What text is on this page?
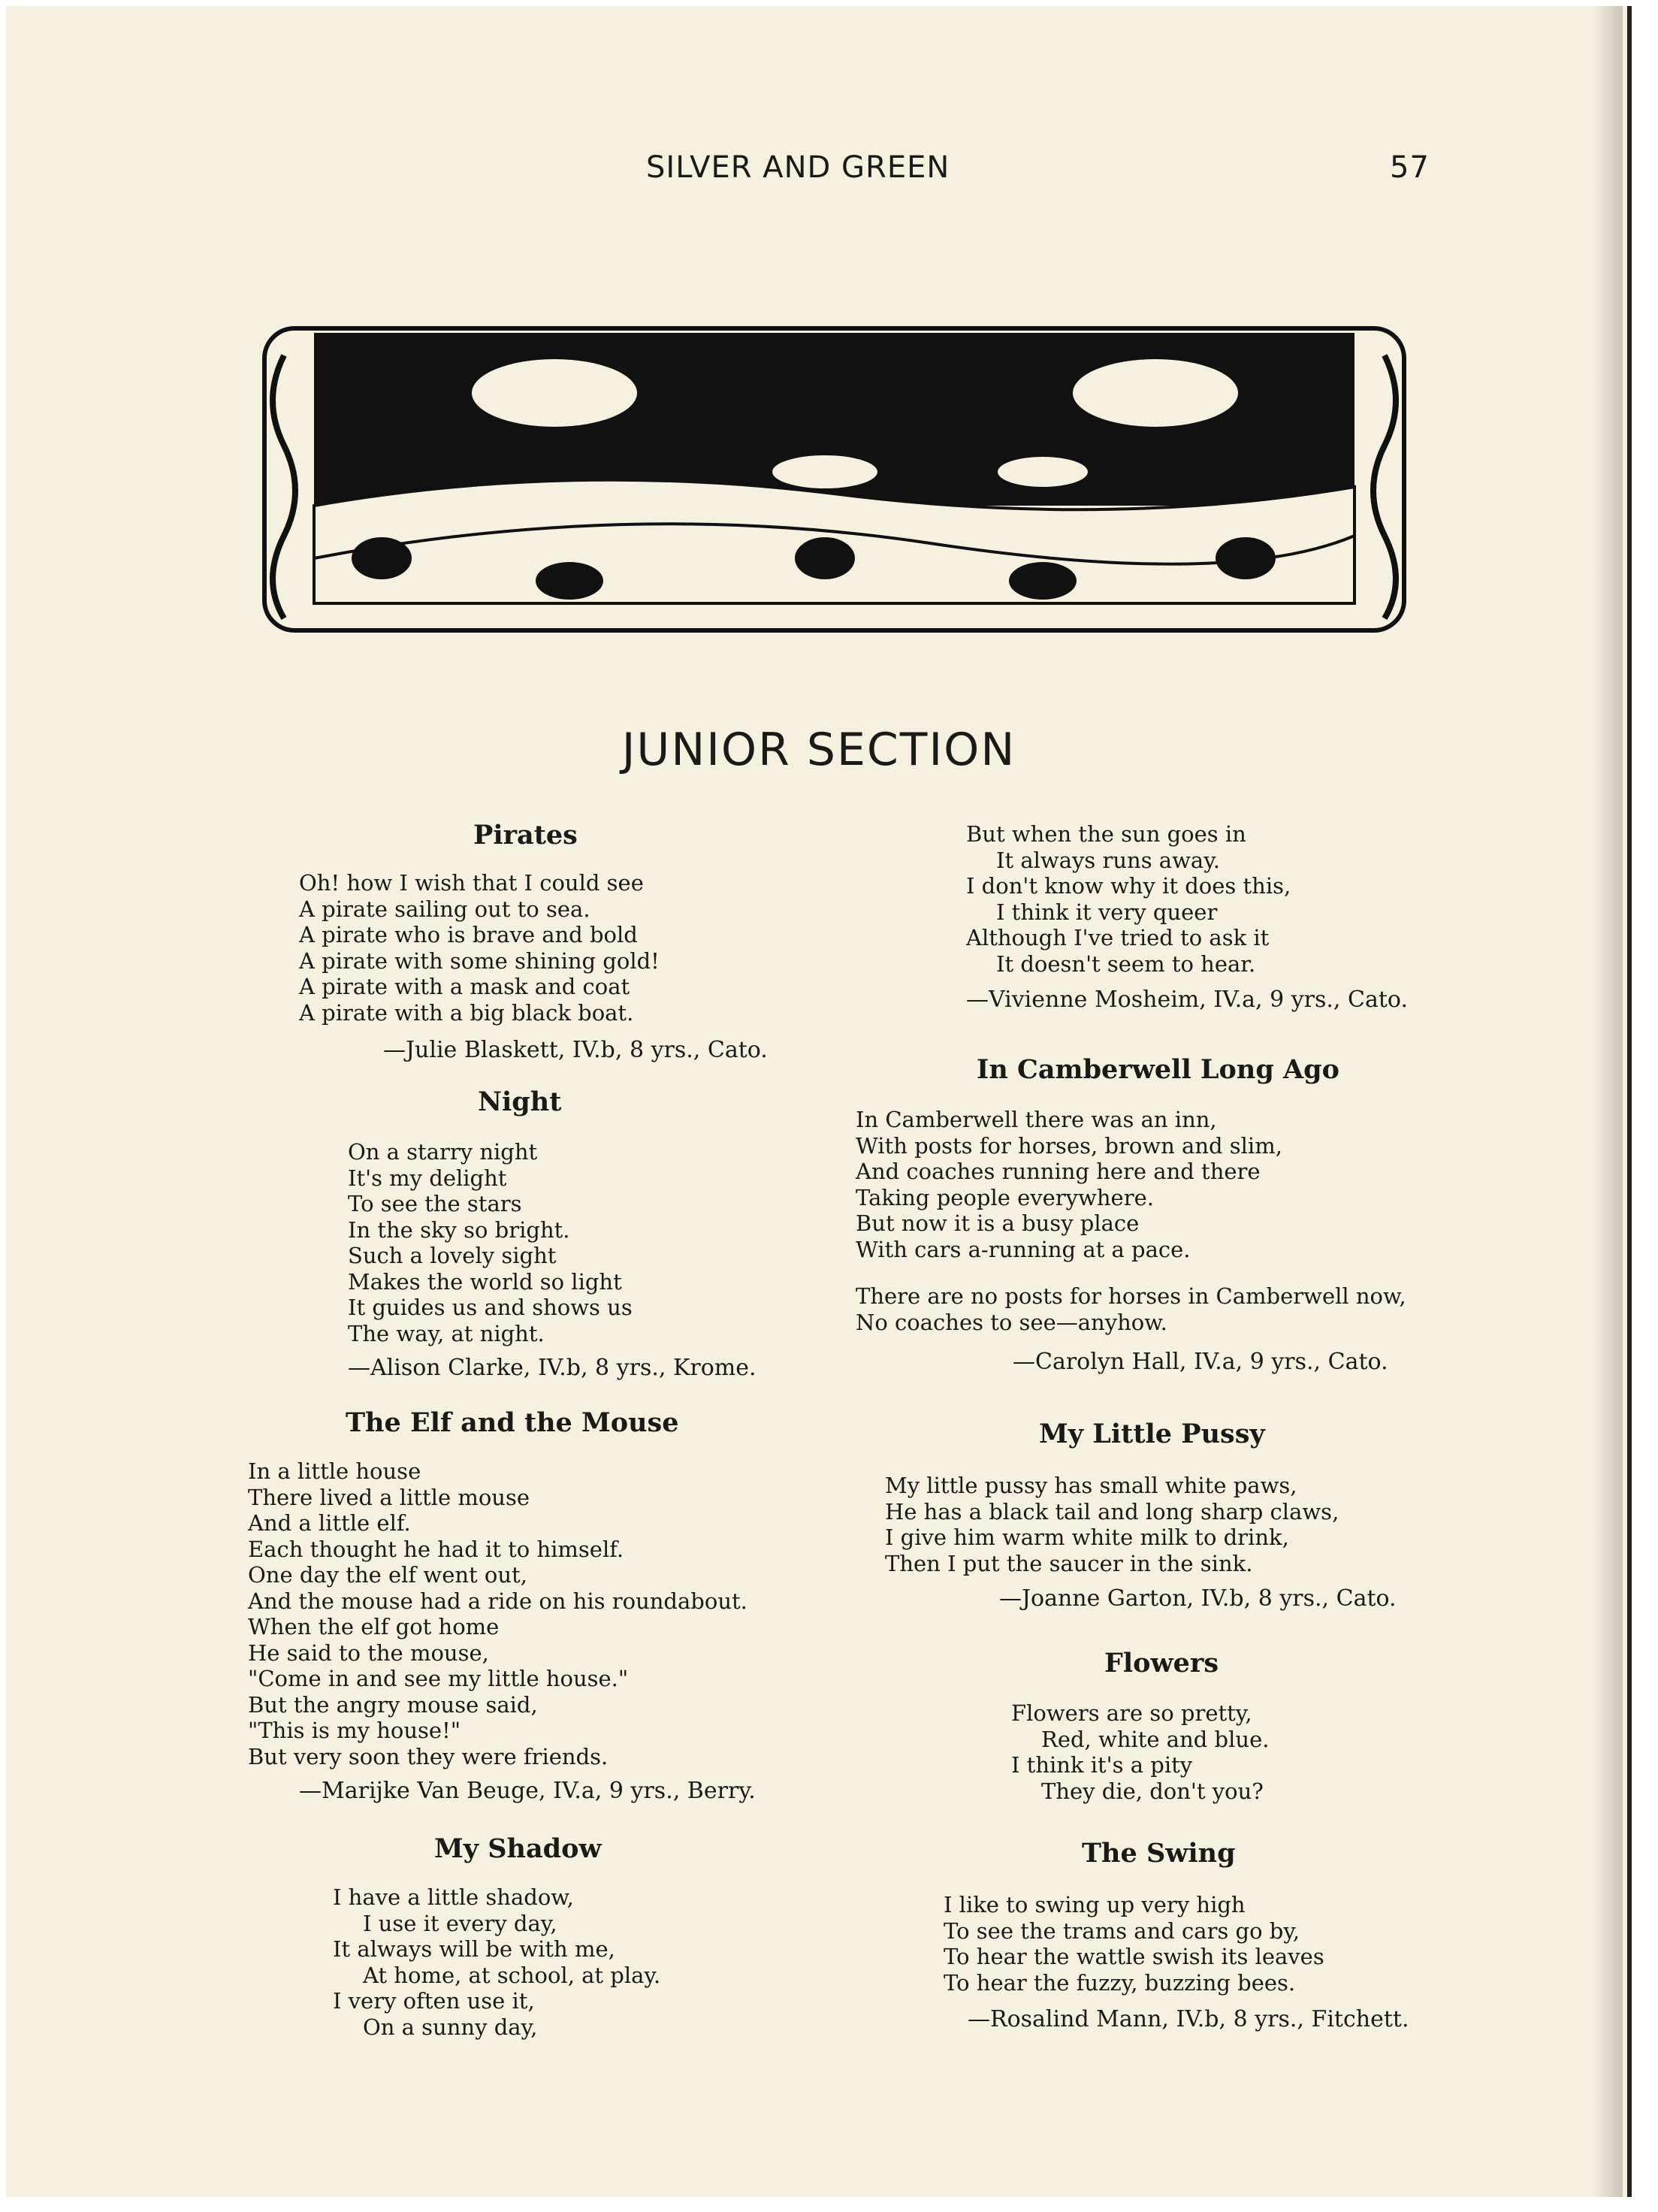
SILVER AND GREEN	57
JUNIOR SECTION
Pirates
Oh! how I wish that I could see
A pirate sailing out to sea.
A pirate who is brave and bold
A pirate with some shining gold!
A pirate with a mask and coat
A pirate with a big black boat.
—Julie Blaskett, IV.b, 8 yrs., Cato.
Night
On a starry night
It's my delight
To see the stars
In the sky so bright.
Such a lovely sight
Makes the world so light
It guides us and shows us
The way, at night.
—Alison Clarke, IV.b, 8 yrs., Krome.
The Elf and the Mouse
In a little house
There lived a little mouse
And a little elf.
Each thought he had it to himself.
One day the elf went out,
And the mouse had a ride on his roundabout.
When the elf got home
He said to the mouse,
"Come in and see my little house."
But the angry mouse said,
"This is my house!"
But very soon they were friends.
—Marijke Van Beuge, IV.a, 9 yrs., Berry.
My Shadow
I have a little shadow,
I use it every day,
It always will be with me,
At home, at school, at play.
I very often use it,
On a sunny day,
But when the sun goes in
It always runs away.
I don't know why it does this,
I think it very queer
Although I've tried to ask it
It doesn't seem to hear.
—Vivienne Mosheim, IV.a, 9 yrs., Cato.
In Camberwell Long Ago
In Camberwell there was an inn,
With posts for horses, brown and slim,
And coaches running here and there
Taking people everywhere.
But now it is a busy place
With cars a-running at a pace.
There are no posts for horses in Camberwell now,
No coaches to see—anyhow.
—Carolyn Hall, IV.a, 9 yrs., Cato.
My Little Pussy
My little pussy has small white paws,
He has a black tail and long sharp claws,
I give him warm white milk to drink,
Then I put the saucer in the sink.
—Joanne Garton, IV.b, 8 yrs., Cato.
Flowers
Flowers are so pretty,
Red, white and blue.
I think it's a pity
They die, don't you?
The Swing
I like to swing up very high
To see the trams and cars go by,
To hear the wattle swish its leaves
To hear the fuzzy, buzzing bees.
—Rosalind Mann, IV.b, 8 yrs., Fitchett.
